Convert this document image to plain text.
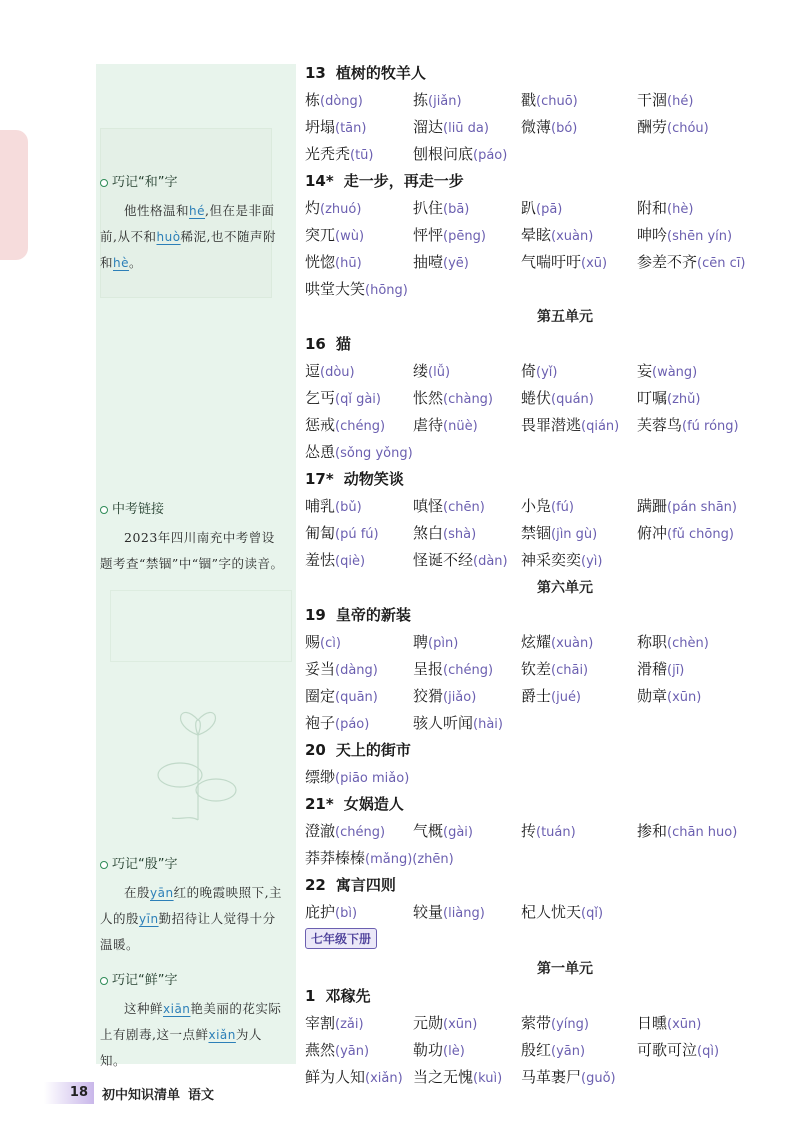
巧记“和”字
他性格温和hé,但在是非面前,从不和huò稀泥,也不随声附和hè。
中考链接
2023年四川南充中考曾设题考查“禁锢”中“锢”字的读音。
巧记“殷”字
在殷yān红的晚霞映照下,主人的殷yīn勤招待让人觉得十分温暖。
巧记“鲜”字
这种鲜xiān艳美丽的花实际上有剧毒,这一点鲜xiǎn为人知。
13 植树的牧羊人
栋(dòng)	拣(jiǎn)	戳(chuō)	干涸(hé)
坍塌(tān)	溜达(liū da)	微薄(bó)	酬劳(chóu)
光秃秃(tū)	刨根问底(páo)
14* 走一步，再走一步
灼(zhuó)	扒住(bā)	趴(pā)	附和(hè)
突兀(wù)	怦怦(pēng)	晕眩(xuàn)	呻吟(shēn yín)
恍惚(hū)	抽噎(yē)	气喘吁吁(xū)	参差不齐(cēn cī)
哄堂大笑(hōng)
第五单元
16 猫
逗(dòu)	缕(lǚ)	倚(yǐ)	妄(wàng)
乞丐(qǐ gài)	怅然(chàng)	蜷伏(quán)	叮嘱(zhǔ)
惩戒(chéng)	虐待(nüè)	畏罪潜逃(qián)	芙蓉鸟(fú róng)
怂恿(sǒng yǒng)
17* 动物笑谈
哺乳(bǔ)	嗔怪(chēn)	小凫(fú)	蹒跚(pán shān)
匍匐(pú fú)	煞白(shà)	禁锢(jìn gù)	俯冲(fǔ chōng)
羞怯(qiè)	怪诞不经(dàn) 神采奕奕(yì)
第六单元
19 皇帝的新装
赐(cì)	聘(pìn)	炫耀(xuàn)	称职(chèn)
妥当(dàng)	呈报(chéng)	钦差(chāi)	滑稽(jī)
圈定(quān)	狡猾(jiǎo)	爵士(jué)	勋章(xūn)
袍子(páo)	骇人听闻(hài)
20 天上的街市
缥缈(piāo miǎo)
21* 女娲造人
澄澈(chéng)	气概(gài)	抟(tuán)	掺和(chān huo)
莽莽榛榛(mǎng)(zhēn)
22 寓言四则
庇护(bì)	较量(liàng)	杞人忧天(qǐ)
七年级下册
第一单元
1 邓稼先
宰割(zǎi)	元勋(xūn)	萦带(yíng)	日曛(xūn)
燕然(yān)	勒功(lè)	殷红(yān)	可歌可泣(qì)
鲜为人知(xiǎn) 当之无愧(kuì)	马革裹尸(guǒ)
18	初中知识清单 语文
